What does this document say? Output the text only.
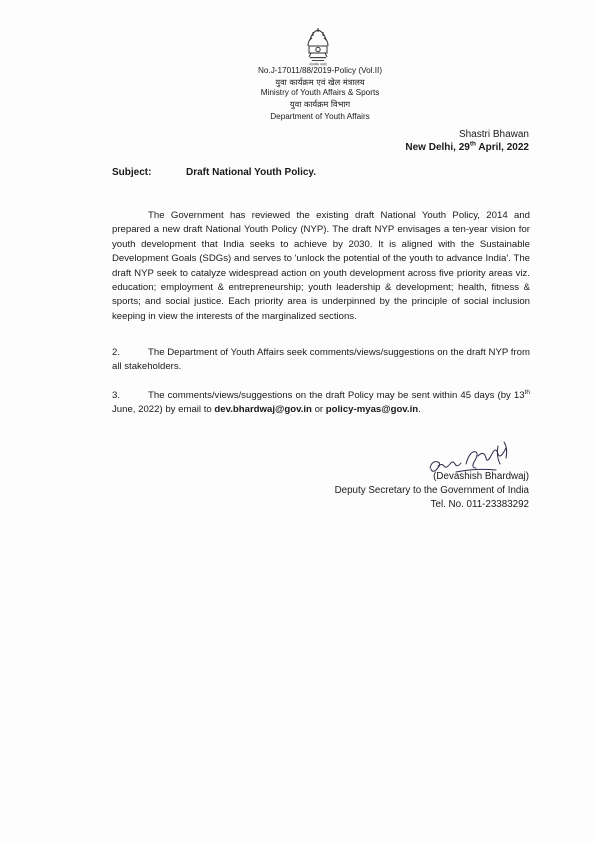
सत्यमेव जयते
No.J-17011/88/2019-Policy (Vol.II)
युवा कार्यक्रम एवं खेल मंत्रालय
Ministry of Youth Affairs & Sports
युवा कार्यक्रम विभाग
Department of Youth Affairs
Shastri Bhawan
New Delhi, 29th April, 2022
Subject:	Draft National Youth Policy.
The Government has reviewed the existing draft National Youth Policy, 2014 and prepared a new draft National Youth Policy (NYP). The draft NYP envisages a ten-year vision for youth development that India seeks to achieve by 2030. It is aligned with the Sustainable Development Goals (SDGs) and serves to 'unlock the potential of the youth to advance India'. The draft NYP seek to catalyze widespread action on youth development across five priority areas viz. education; employment & entrepreneurship; youth leadership & development; health, fitness & sports; and social justice. Each priority area is underpinned by the principle of social inclusion keeping in view the interests of the marginalized sections.
2.	The Department of Youth Affairs seek comments/views/suggestions on the draft NYP from all stakeholders.
3.	The comments/views/suggestions on the draft Policy may be sent within 45 days (by 13th June, 2022) by email to dev.bhardwaj@gov.in or policy-myas@gov.in.
(Devashish Bhardwaj)
Deputy Secretary to the Government of India
Tel. No. 011-23383292
